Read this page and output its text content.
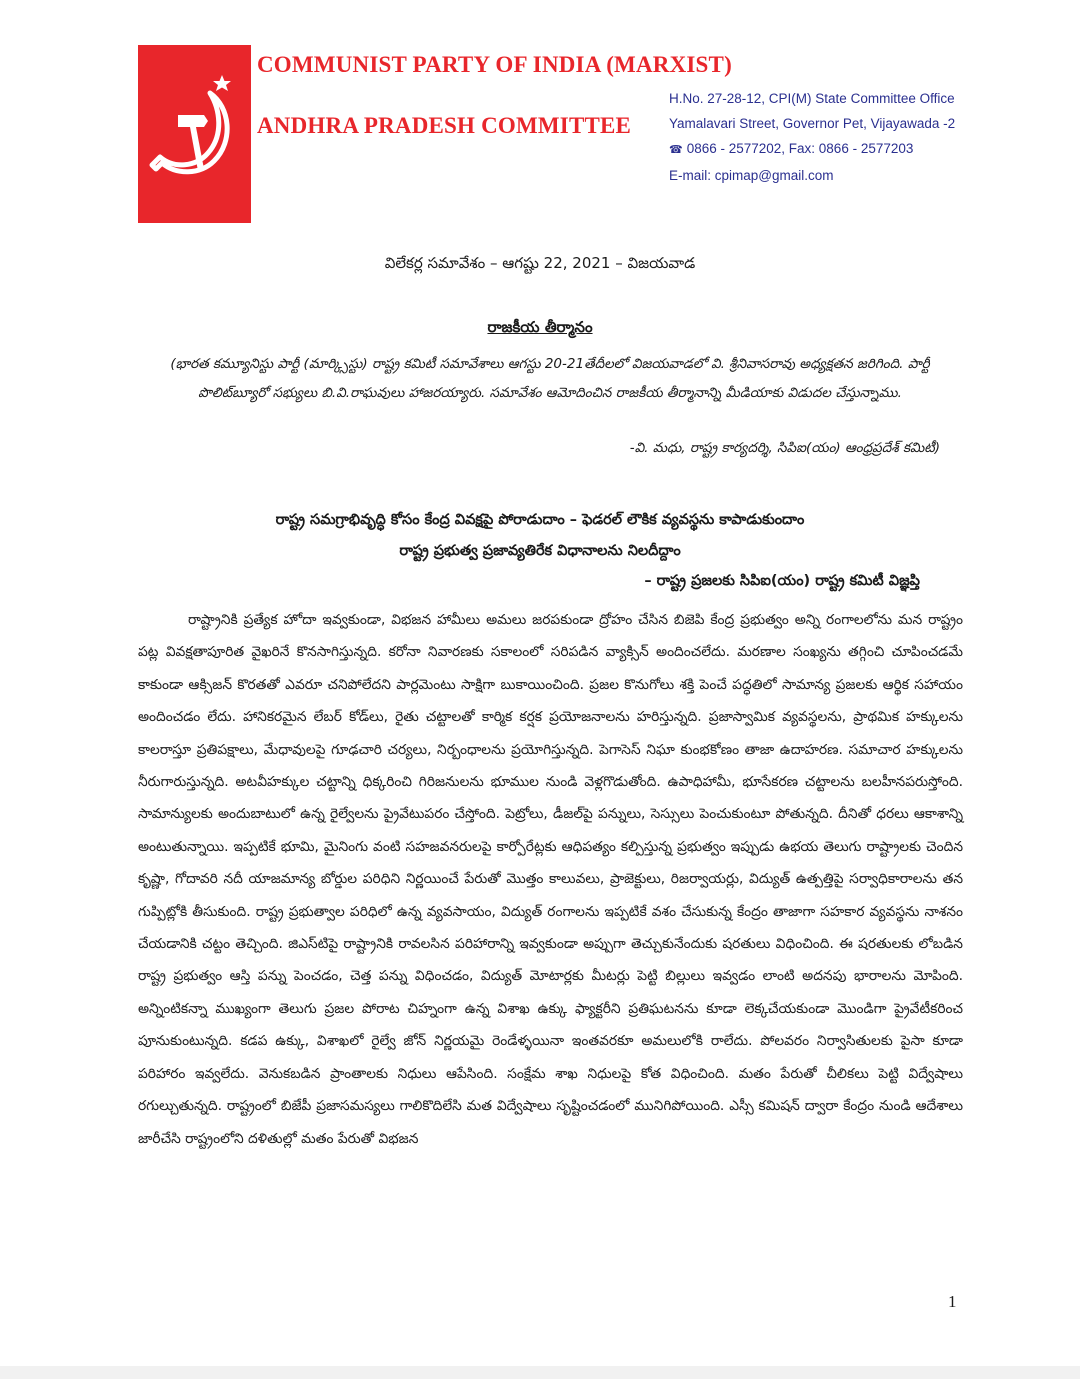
COMMUNIST PARTY OF INDIA (MARXIST)
ANDHRA PRADESH COMMITTEE
H.No. 27-28-12, CPI(M) State Committee Office
Yamalavari Street, Governor Pet, Vijayawada -2
☎ 0866 - 2577202, Fax: 0866 - 2577203
E-mail: cpimap@gmail.com
విలేకర్ల సమావేశం – ఆగష్టు 22, 2021 – విజయవాడ
రాజకీయ తీర్మానం
(భారత కమ్యూనిస్టు పార్టీ (మార్క్సిస్టు) రాష్ట్ర కమిటీ సమావేశాలు ఆగస్టు 20-21తేదీలలో విజయవాడలో వి. శ్రీనివాసరావు అధ్యక్షతన జరిగింది. పార్టీ పొలిట్‌బ్యూరో సభ్యులు బి.వి.రాఘవులు హాజరయ్యారు. సమావేశం ఆమోదించిన రాజకీయ తీర్మానాన్ని మీడియాకు విడుదల చేస్తున్నాము.
-వి. మధు, రాష్ట్ర కార్యదర్శి, సిపిఐ(యం) ఆంధ్రప్రదేశ్ కమిటీ)
రాష్ట్ర సమగ్రాభివృద్ధి కోసం కేంద్ర వివక్షపై పోరాడుదాం – ఫెడరల్ లౌకిక వ్యవస్థను కాపాడుకుందాం
రాష్ట్ర ప్రభుత్వ ప్రజావ్యతిరేక విధానాలను నిలదీద్దాం
– రాష్ట్ర ప్రజలకు సిపిఐ(యం) రాష్ట్ర కమిటీ విజ్ఞప్తి

రాష్ట్రానికి ప్రత్యేక హోదా ఇవ్వకుండా, విభజన హామీలు అమలు జరపకుండా ద్రోహం చేసిన బిజెపి కేంద్ర ప్రభుత్వం అన్ని రంగాలలోను మన రాష్ట్రం పట్ల వివక్షతాపూరిత వైఖరినే కొనసాగిస్తున్నది. కరోనా నివారణకు సకాలంలో సరిపడిన వ్యాక్సిన్ అందించలేదు. మరణాల సంఖ్యను తగ్గించి చూపించడమే కాకుండా ఆక్సిజన్ కొరతతో ఎవరూ చనిపోలేదని పార్లమెంటు సాక్షిగా బుకాయించింది. ప్రజల కొనుగోలు శక్తి పెంచే పద్ధతిలో సామాన్య ప్రజలకు ఆర్థిక సహాయం అందించడం లేదు. హానికరమైన లేబర్ కోడ్‌లు, రైతు చట్టాలతో కార్మిక కర్షక ప్రయోజనాలను హరిస్తున్నది. ప్రజాస్వామిక వ్యవస్థలను, ప్రాథమిక హక్కులను కాలరాస్తూ ప్రతిపక్షాలు, మేధావులపై గూఢచారి చర్యలు, నిర్బంధాలను ప్రయోగిస్తున్నది. పెగాసెస్ నిఘా కుంభకోణం తాజా ఉదాహరణ. సమాచార హక్కులను నీరుగారుస్తున్నది. అటవీహక్కుల చట్టాన్ని ధిక్కరించి గిరిజనులను భూముల నుండి వెళ్లగొడుతోంది. ఉపాధిహామీ, భూసేకరణ చట్టాలను బలహీనపరుస్తోంది. సామాన్యులకు అందుబాటులో ఉన్న రైల్వేలను ప్రైవేటుపరం చేస్తోంది. పెట్రోలు, డీజల్‌పై పన్నులు, సెస్సులు పెంచుకుంటూ పోతున్నది. దీనితో ధరలు ఆకాశాన్ని అంటుతున్నాయి. ఇప్పటికే భూమి, మైనింగు వంటి సహజవనరులపై కార్పోరేట్లకు ఆధిపత్యం కల్పిస్తున్న ప్రభుత్వం ఇప్పుడు ఉభయ తెలుగు రాష్ట్రాలకు చెందిన కృష్ణా, గోదావరి నదీ యాజమాన్య బోర్డుల పరిధిని నిర్ణయించే పేరుతో మొత్తం కాలువలు, ప్రాజెక్టులు, రిజర్వాయర్లు, విద్యుత్ ఉత్పత్తిపై సర్వాధికారాలను తన గుప్పిట్లోకి తీసుకుంది. రాష్ట్ర ప్రభుత్వాల పరిధిలో ఉన్న వ్యవసాయం, విద్యుత్ రంగాలను ఇప్పటికే వశం చేసుకున్న కేంద్రం తాజాగా సహకార వ్యవస్థను నాశనం చేయడానికి చట్టం తెచ్చింది. జిఎస్‌టిపై రాష్ట్రానికి రావలసిన పరిహారాన్ని ఇవ్వకుండా అప్పుగా తెచ్చుకునేందుకు షరతులు విధించింది. ఈ షరతులకు లోబడిన రాష్ట్ర ప్రభుత్వం ఆస్తి పన్ను పెంచడం, చెత్త పన్ను విధించడం, విద్యుత్ మోటార్లకు మీటర్లు పెట్టి బిల్లులు ఇవ్వడం లాంటి అదనపు భారాలను మోపింది. అన్నింటికన్నా ముఖ్యంగా తెలుగు ప్రజల పోరాట చిహ్నంగా ఉన్న విశాఖ ఉక్కు ఫ్యాక్టరీని ప్రతిఘటనను కూడా లెక్కచేయకుండా మొండిగా ప్రైవేటీకరించ పూనుకుంటున్నది. కడప ఉక్కు, విశాఖలో రైల్వే జోన్ నిర్ణయమై రెండేళ్ళయినా ఇంతవరకూ అమలులోకి రాలేదు. పోలవరం నిర్వాసితులకు పైసా కూడా పరిహారం ఇవ్వలేదు. వెనుకబడిన ప్రాంతాలకు నిధులు ఆపేసింది. సంక్షేమ శాఖ నిధులపై కోత విధించింది. మతం పేరుతో చీలికలు పెట్టి విద్వేషాలు రగుల్చుతున్నది. రాష్ట్రంలో బిజేపీ ప్రజాసమస్యలు గాలికొదిలేసి మత విద్వేషాలు సృష్టించడంలో మునిగిపోయింది. ఎస్సీ కమిషన్ ద్వారా కేంద్రం నుండి ఆదేశాలు జారీచేసి రాష్ట్రంలోని దళితుల్లో మతం పేరుతో విభజన

1
